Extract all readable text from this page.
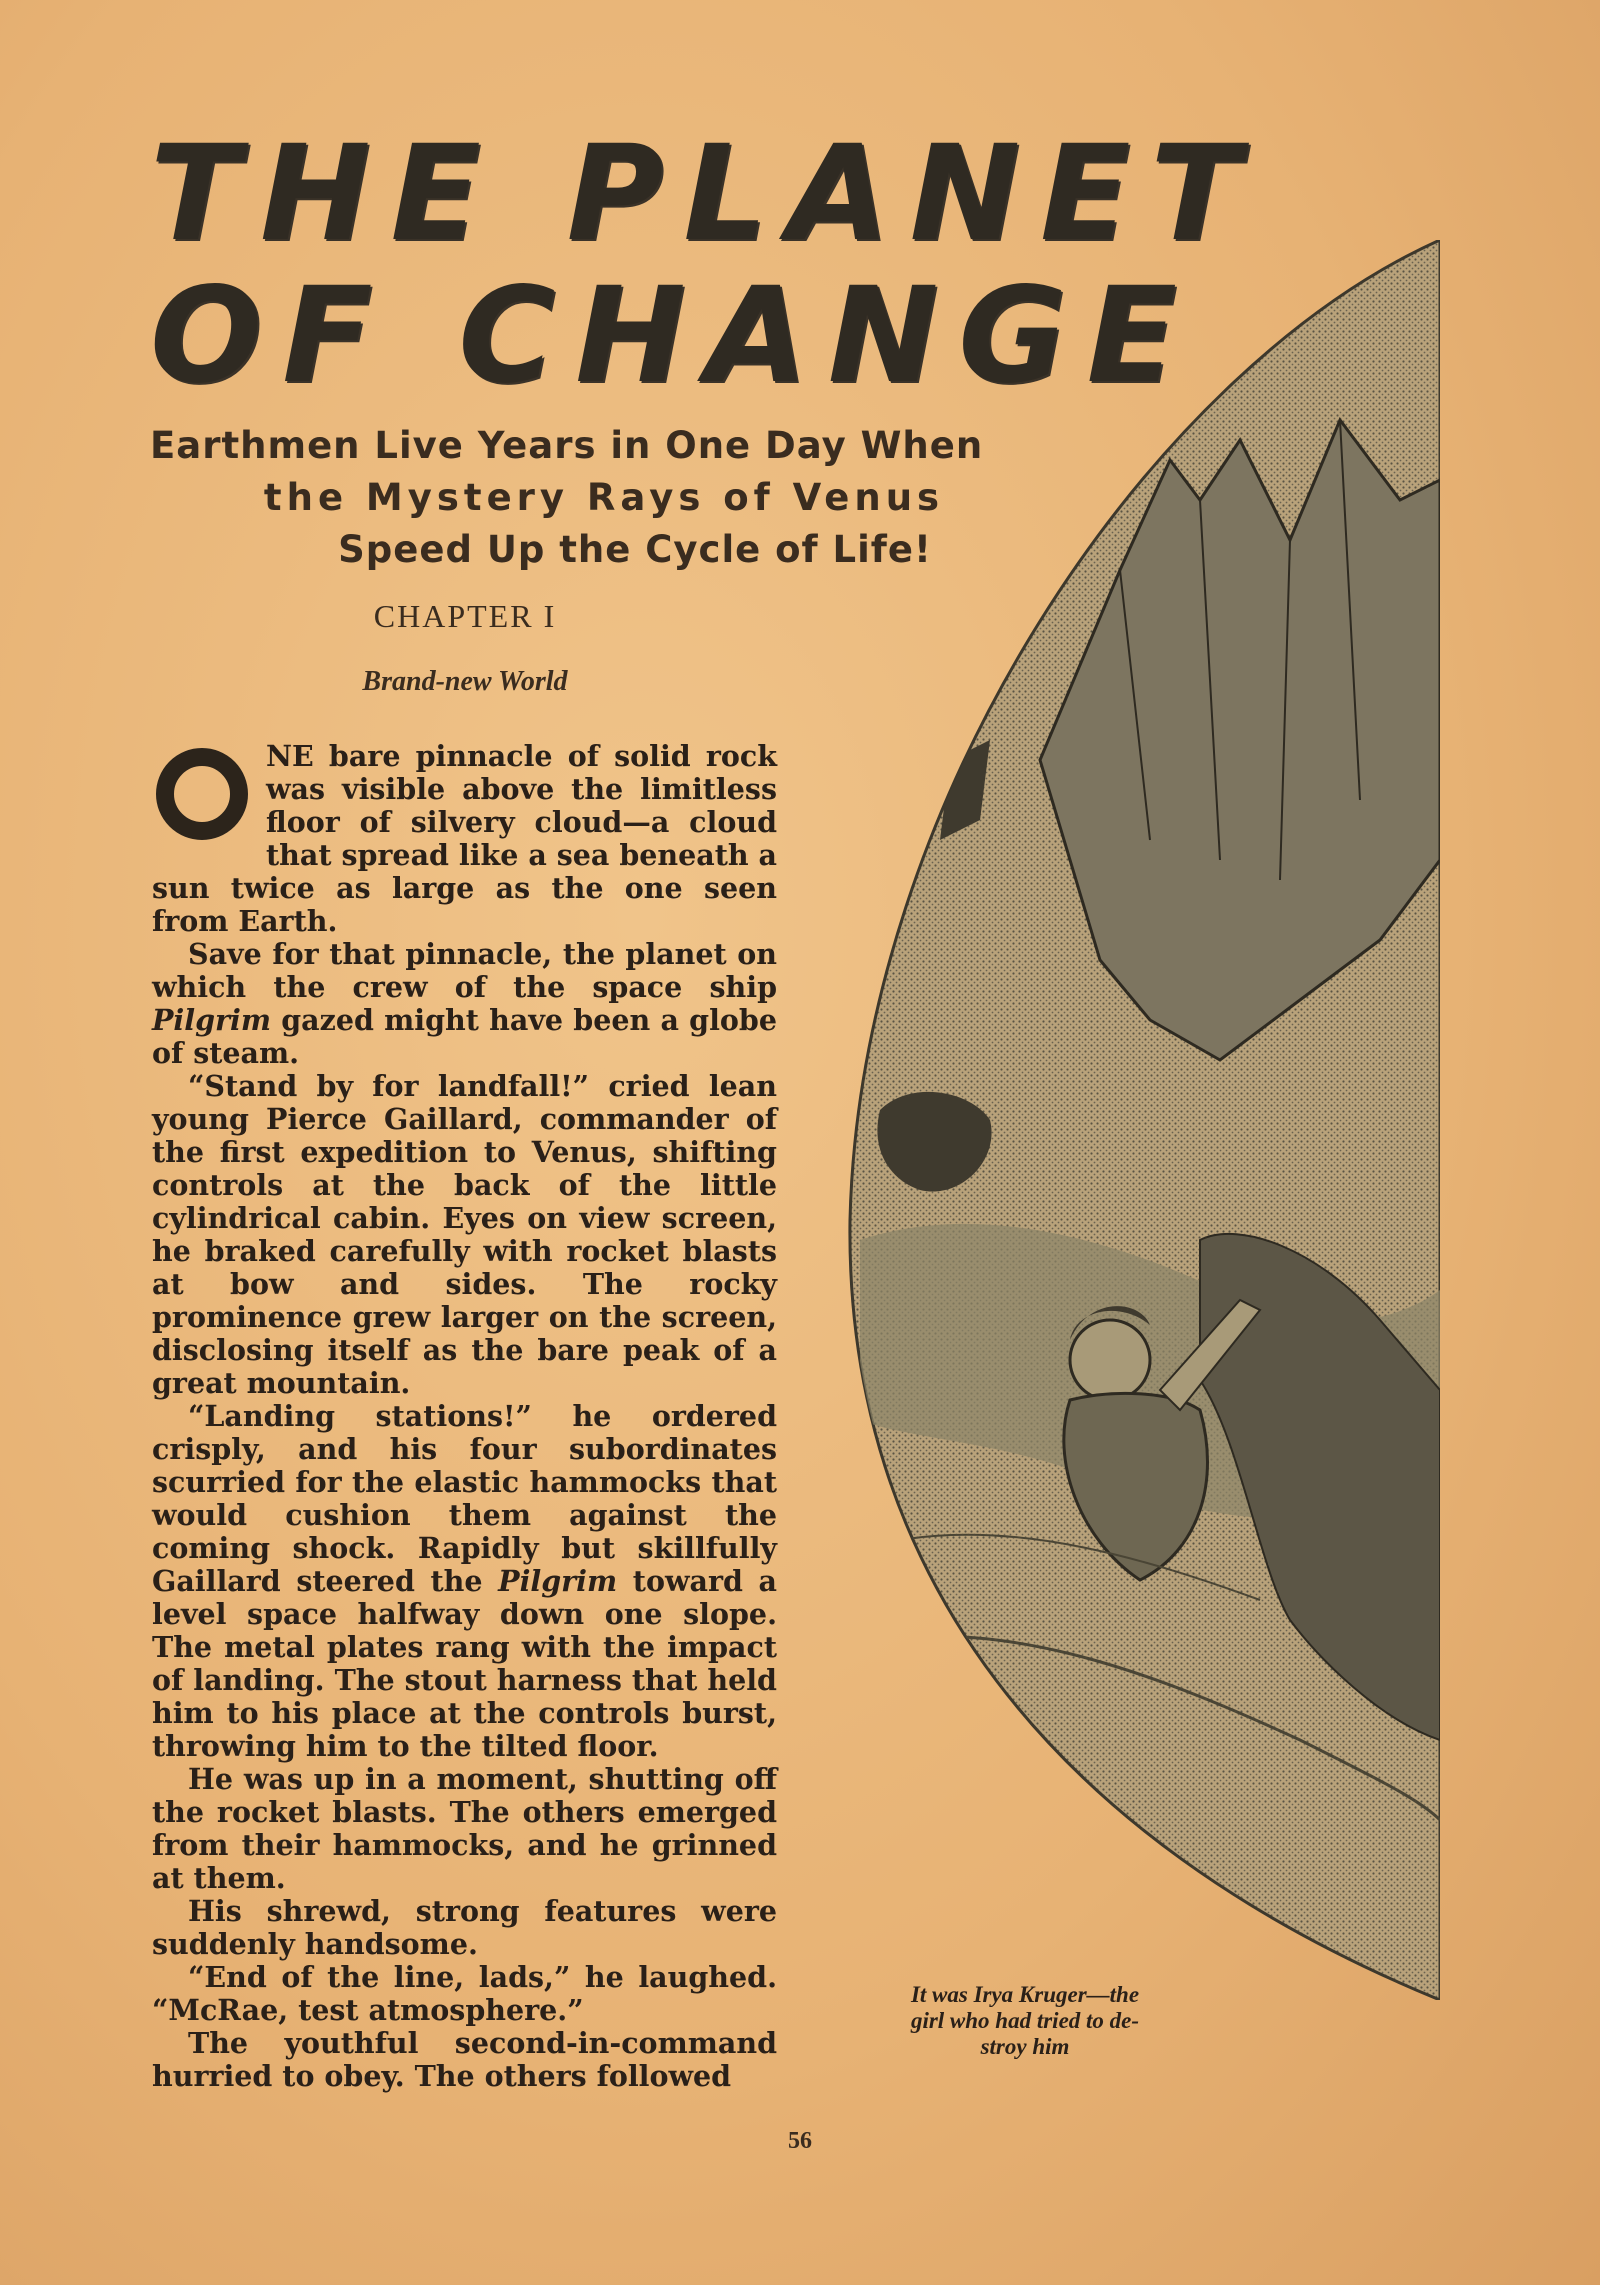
THE PLANET
OF CHANGE
Earthmen Live Years in One Day When
the Mystery Rays of Venus
Speed Up the Cycle of Life!
CHAPTER I
Brand-new World

NE bare pinnacle of solid rock was visible above the limitless floor of silvery cloud—a cloud that spread like a sea beneath a sun twice as large as the one seen from Earth.

Save for that pinnacle, the planet on which the crew of the space ship Pilgrim gazed might have been a globe of steam.

“Stand by for landfall!” cried lean young Pierce Gaillard, commander of the first expedition to Venus, shifting controls at the back of the little cylindrical cabin. Eyes on view screen, he braked carefully with rocket blasts at bow and sides. The rocky prominence grew larger on the screen, disclosing itself as the bare peak of a great mountain.

“Landing stations!” he ordered crisply, and his four subordinates scurried for the elastic hammocks that would cushion them against the coming shock. Rapidly but skillfully Gaillard steered the Pilgrim toward a level space halfway down one slope. The metal plates rang with the impact of landing. The stout harness that held him to his place at the controls burst, throwing him to the tilted floor.

He was up in a moment, shutting off the rocket blasts. The others emerged from their hammocks, and he grinned at them.

His shrewd, strong features were suddenly handsome.

“End of the line, lads,” he laughed. “McRae, test atmosphere.”

The youthful second-in-command hurried to obey. The others followed

It was Irya Kruger—the
girl who had tried to de-
stroy him
56
